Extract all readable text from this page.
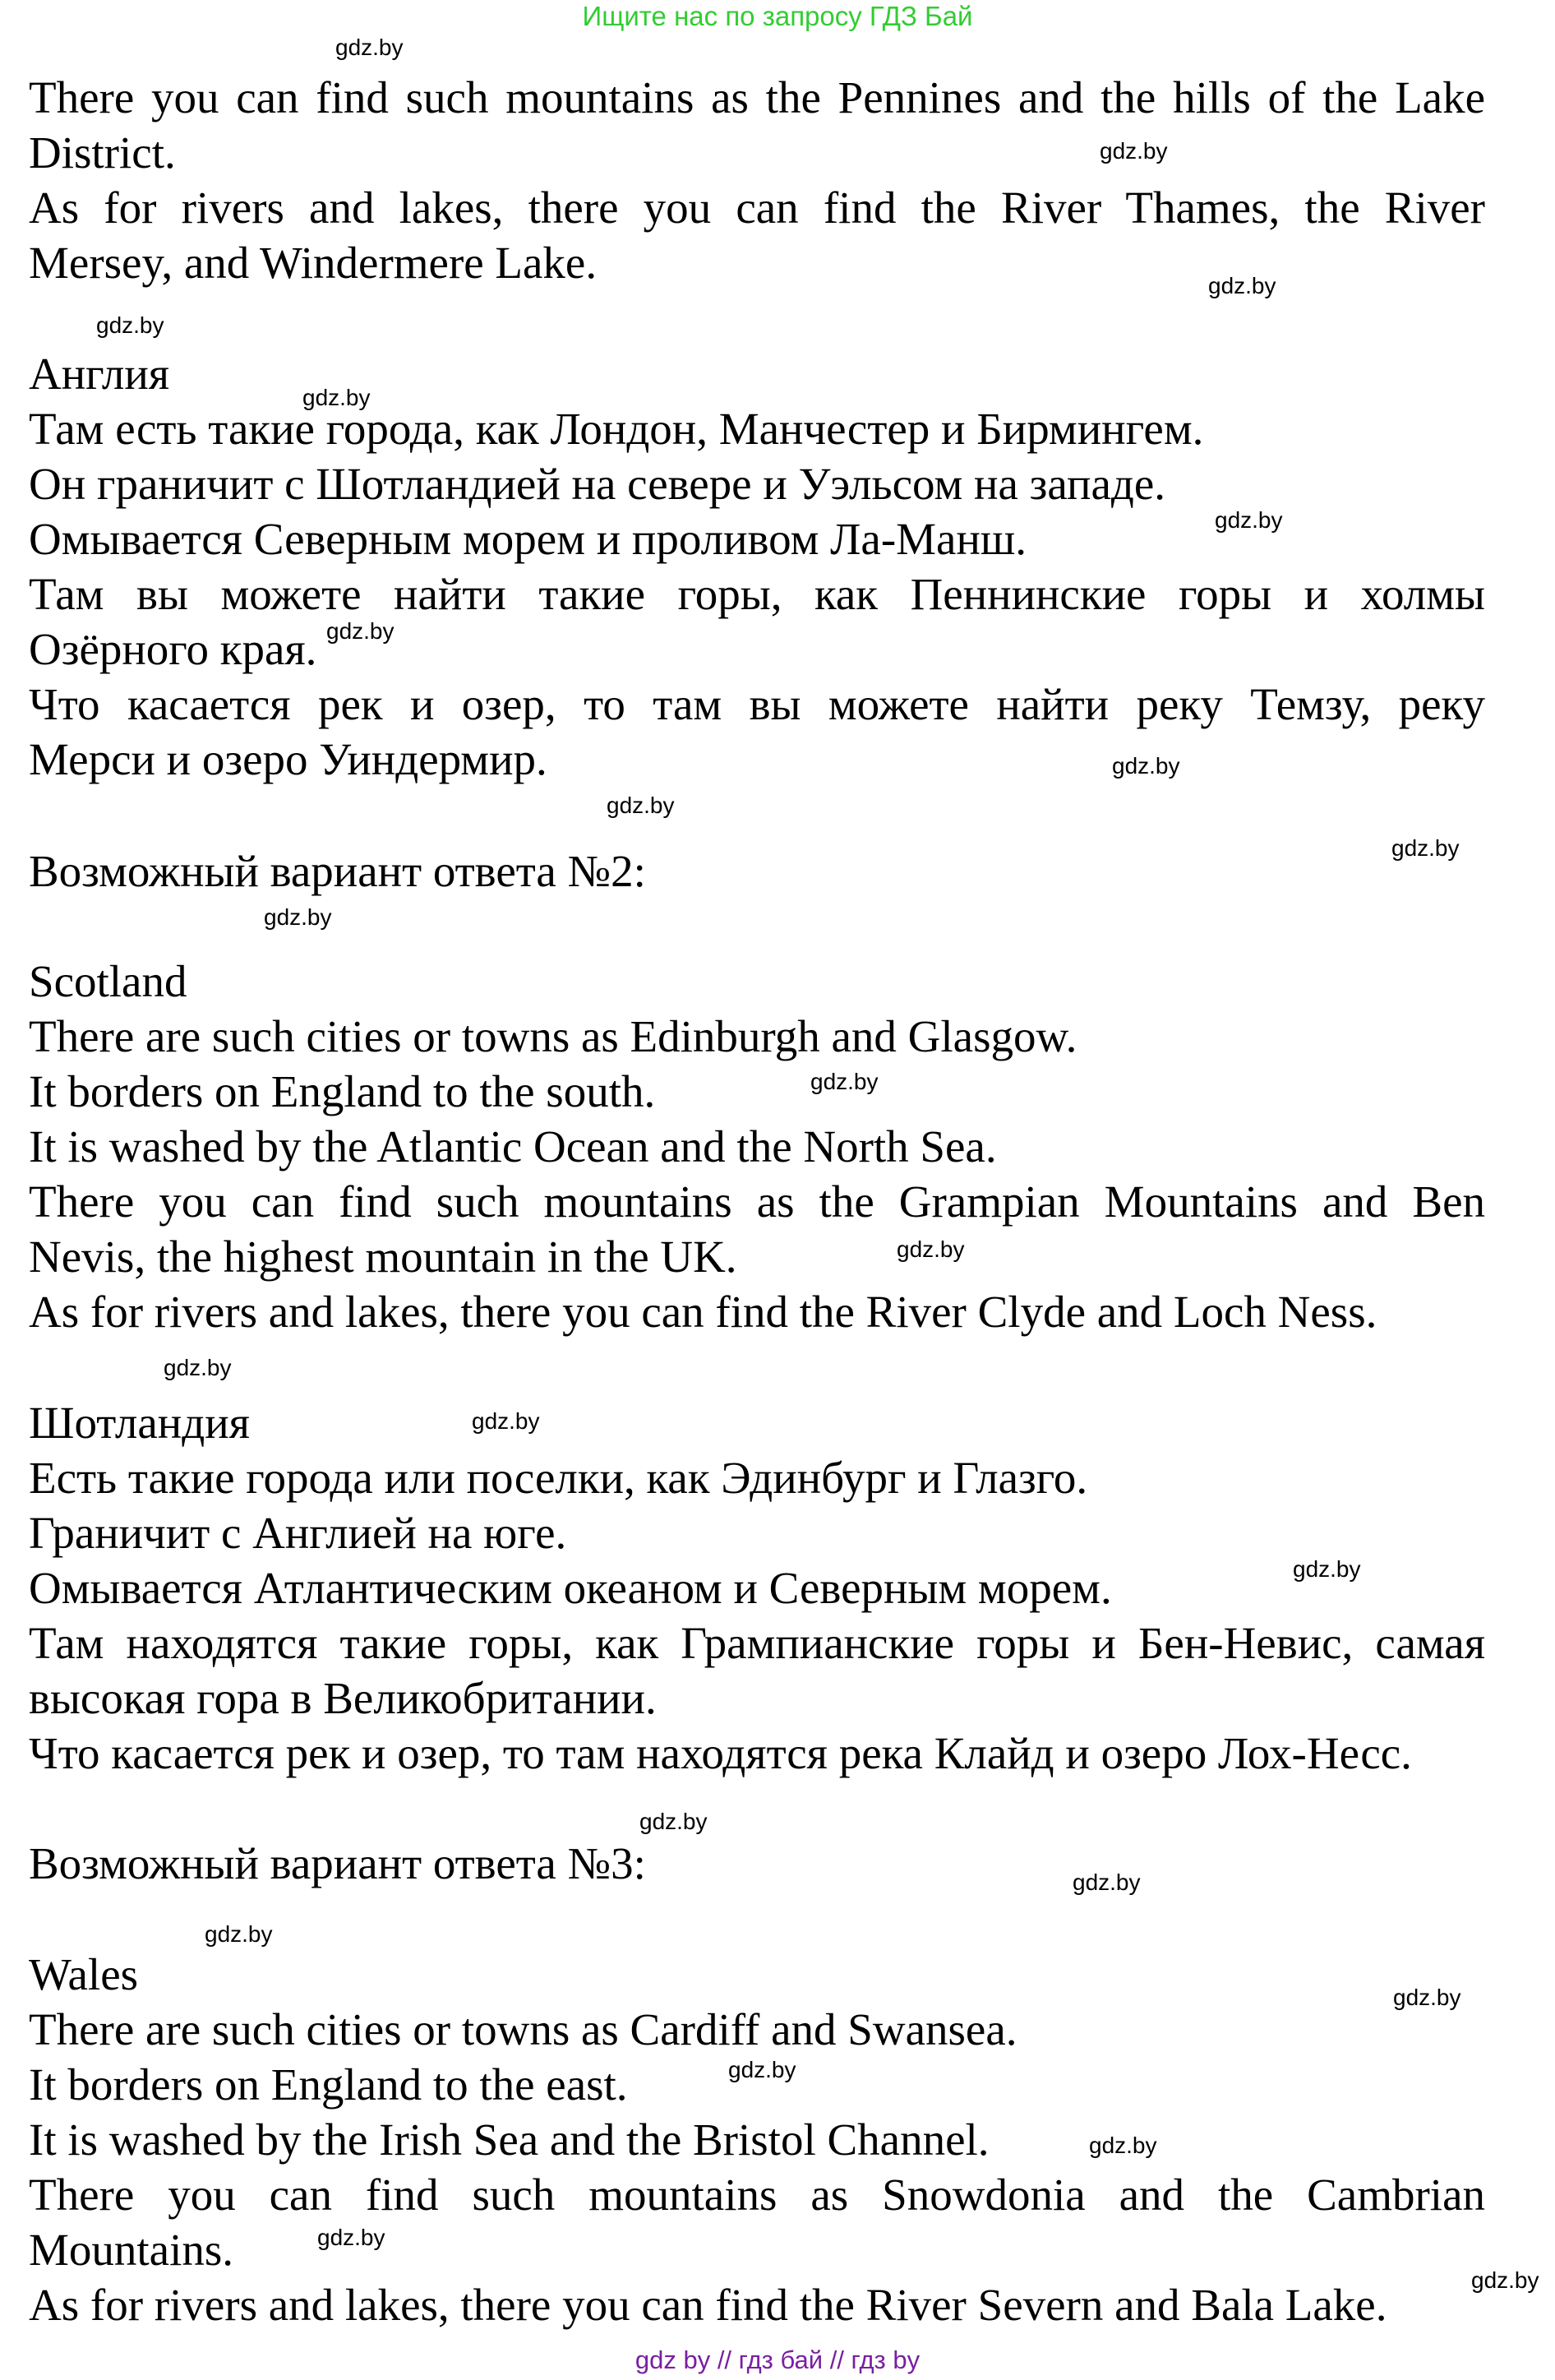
Ищите нас по запросу ГДЗ Бай
There you can find such mountains as the Pennines and the hills of the Lake
District.
As for rivers and lakes, there you can find the River Thames, the River
Mersey, and Windermere Lake.
Англия
Там есть такие города, как Лондон, Манчестер и Бирмингем.
Он граничит с Шотландией на севере и Уэльсом на западе.
Омывается Северным морем и проливом Ла-Манш.
Там вы можете найти такие горы, как Пеннинские горы и холмы
Озёрного края.
Что касается рек и озер, то там вы можете найти реку Темзу, реку
Мерси и озеро Уиндермир.
Возможный вариант ответа №2:
Scotland
There are such cities or towns as Edinburgh and Glasgow.
It borders on England to the south.
It is washed by the Atlantic Ocean and the North Sea.
There you can find such mountains as the Grampian Mountains and Ben
Nevis, the highest mountain in the UK.
As for rivers and lakes, there you can find the River Clyde and Loch Ness.
Шотландия
Есть такие города или поселки, как Эдинбург и Глазго.
Граничит с Англией на юге.
Омывается Атлантическим океаном и Северным морем.
Там находятся такие горы, как Грампианские горы и Бен-Невис, самая
высокая гора в Великобритании.
Что касается рек и озер, то там находятся река Клайд и озеро Лох-Несс.
Возможный вариант ответа №3:
Wales
There are such cities or towns as Cardiff and Swansea.
It borders on England to the east.
It is washed by the Irish Sea and the Bristol Channel.
There you can find such mountains as Snowdonia and the Cambrian
Mountains.
As for rivers and lakes, there you can find the River Severn and Bala Lake.
gdz.by
gdz.by
gdz.by
gdz.by
gdz.by
gdz.by
gdz.by
gdz.by
gdz.by
gdz.by
gdz.by
gdz.by
gdz.by
gdz.by
gdz.by
gdz.by
gdz.by
gdz.by
gdz.by
gdz.by
gdz.by
gdz.by
gdz.by
gdz.by
gdz by // гдз бай // гдз by
